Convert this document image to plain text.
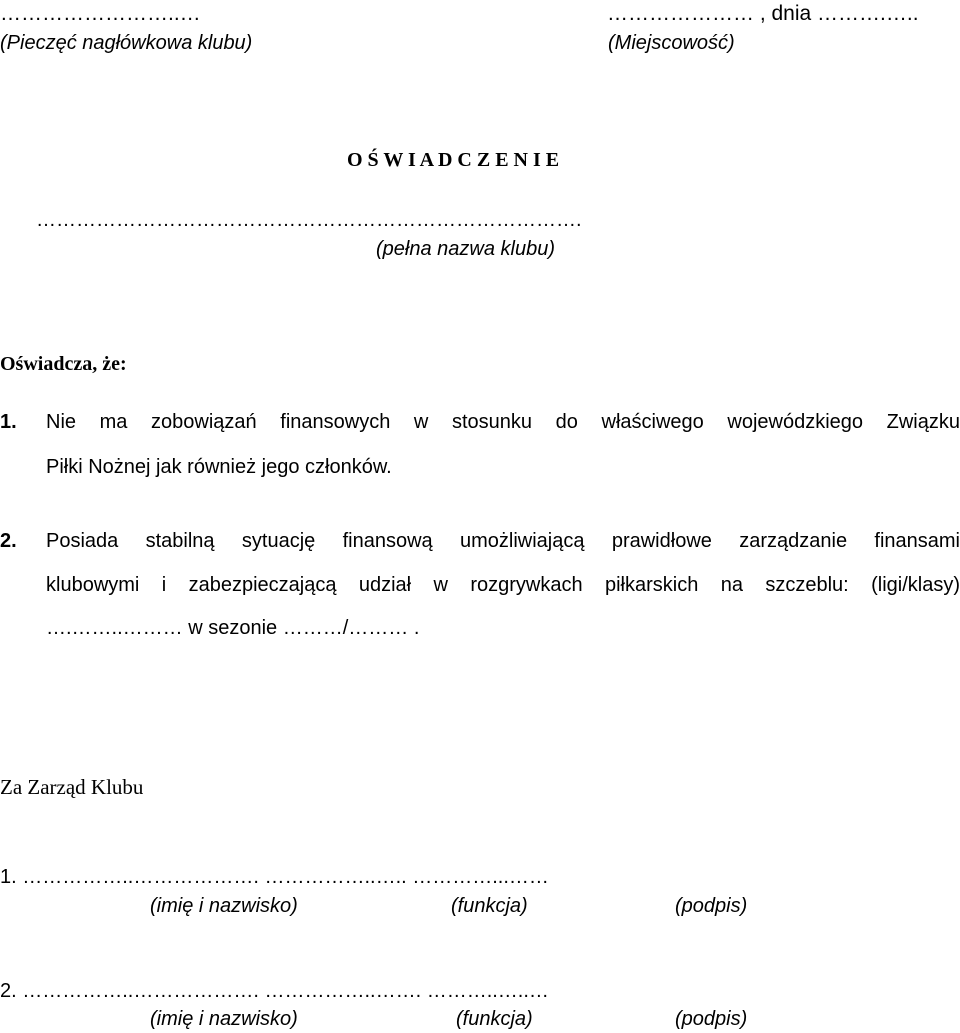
……………………..…
(Pieczęć nagłówkowa klubu)
………………… , dnia ……….…..
(Miejscowość)
O Ś W I A D C Z E N I E
……………………………………………………………………….
(pełna nazwa klubu)
Oświadcza, że:
1. Nie ma zobowiązań finansowych w stosunku do właściwego wojewódzkiego Związku
Piłki Nożnej jak również jego członków.
2. Posiada stabilną sytuację finansową umożliwiającą prawidłowe zarządzanie finansami
klubowymi i zabezpieczającą udział w rozgrywkach piłkarskich na szczeblu: (ligi/klasy)
….……..……… w sezonie ………/……… .
Za Zarząd Klubu
1. ……………..………………. ……………..….. …………...……
(imię i nazwisko)	(funkcja)	(podpis)
2. ……………..………………. ……………..……. ………..…..…
(imię i nazwisko)	(funkcja)	(podpis)
